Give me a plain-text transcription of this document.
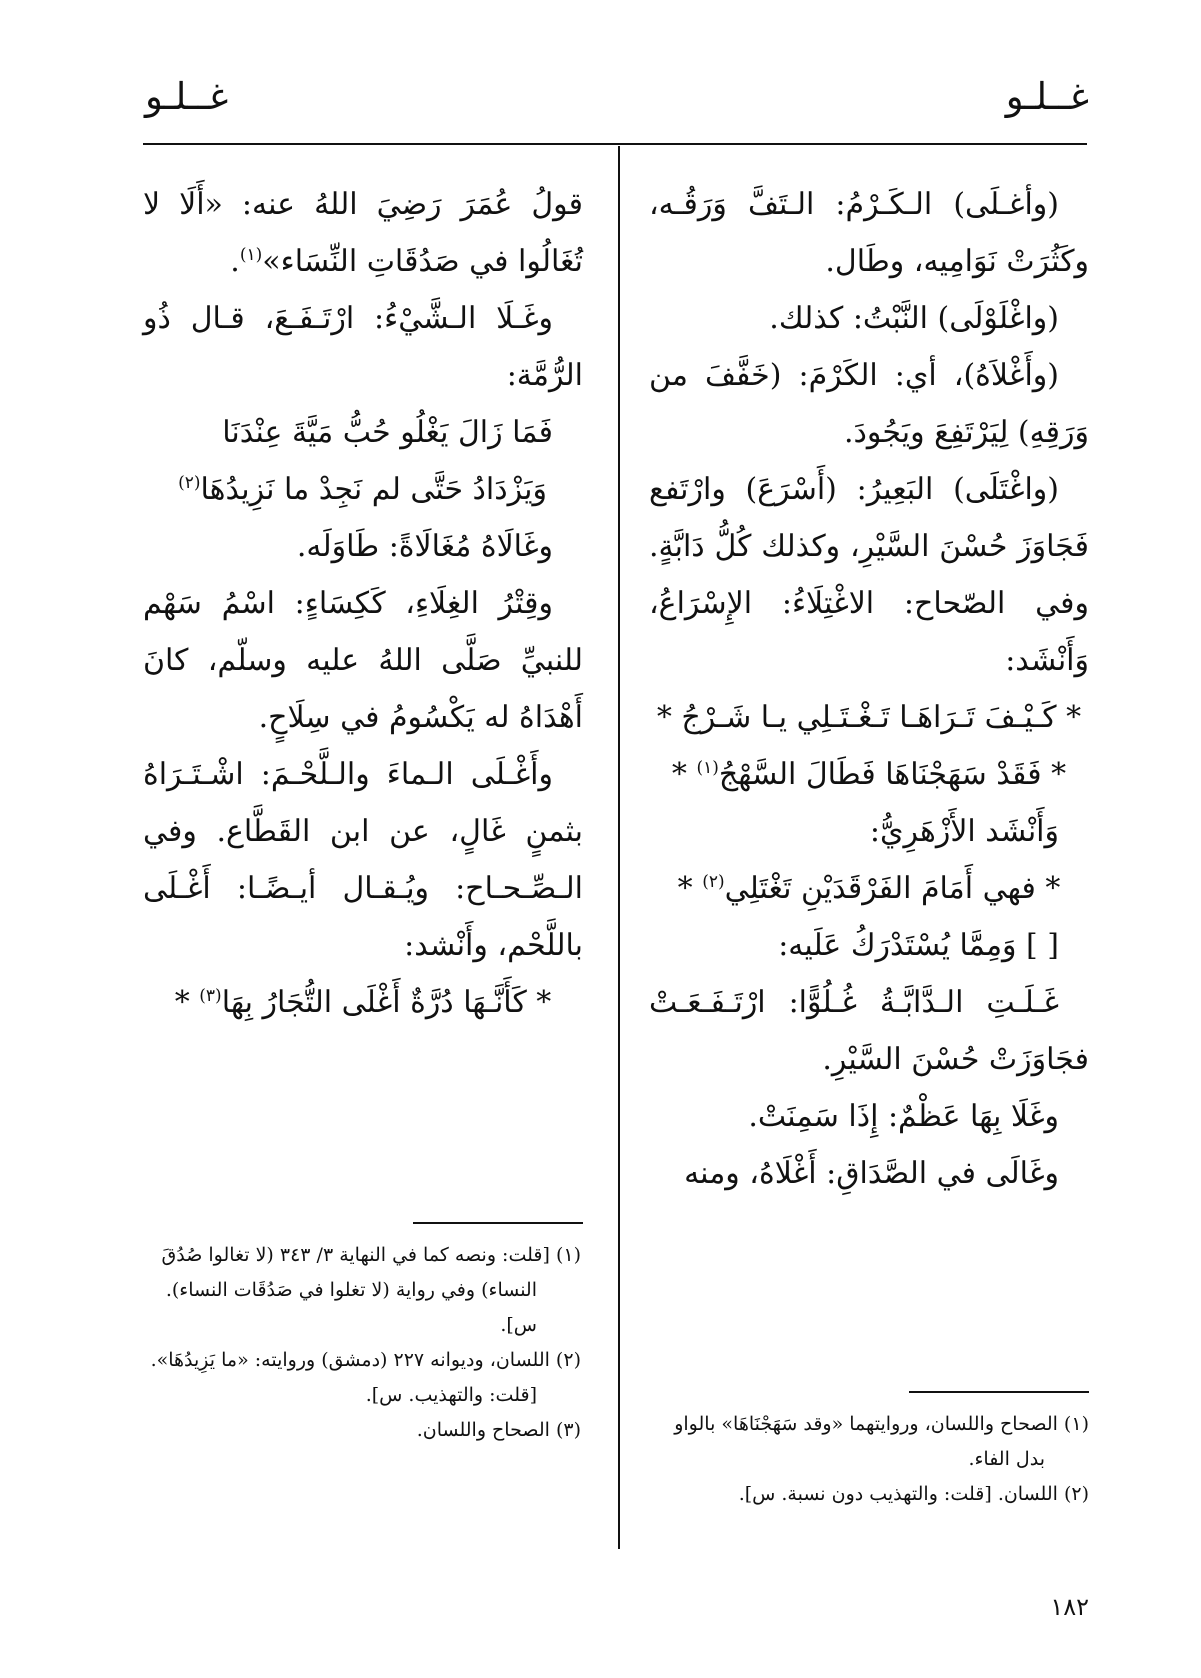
غــلـو
غــلـو

(وأغـلَى) الـكَـرْمُ: الـتَفَّ وَرَقُـه، وكَثُرَتْ نَوَامِيه، وطَال.

(واغْلَوْلَى) النَّبْتُ: كذلك.

(وأَغْلاَهُ)، أي: الكَرْمَ: (خَفَّفَ من وَرَقِهِ) لِيَرْتَفِعَ ويَجُودَ.

(واغْتَلَى) البَعِيرُ: (أَسْرَعَ) وارْتَفع فَجَاوَزَ حُسْنَ السَّيْرِ، وكذلك كُلُّ دَابَّةٍ. وفي الصّحاح: الاغْتِلَاءُ: الإِسْرَاعُ، وَأَنْشَد:

* كَـيْـفَ تَـرَاهَـا تَـغْـتَـلِي يـا شَـرْجُ *

* فَقَدْ سَهَجْنَاهَا فَطَالَ السَّهْجُ$^{(١)}$ *

وَأَنْشَد الأَزْهَرِيُّ:

* فهي أَمَامَ الفَرْقَدَيْنِ تَغْتَلِي$^{(٢)}$ *

[ ] وَمِمَّا يُسْتَدْرَكُ عَلَيه:

غَـلَـتِ الـدَّابَّـةُ غُـلُوًّا: ارْتَـفَـعَـتْ فجَاوَزَتْ حُسْنَ السَّيْرِ.

وغَلَا بِهَا عَظْمٌ: إِذَا سَمِنَتْ.

وغَالَى في الصَّدَاقِ: أَغْلَاهُ، ومنه

قولُ عُمَرَ رَضِيَ اللهُ عنه: «أَلَا لا تُغَالُوا في صَدُقَاتِ النِّسَاء»$^{(١)}$.

وغَـلَا الـشَّيْءُ: ارْتَـفَـعَ، قـال ذُو الرُّمَّة:

فَمَا زَالَ يَغْلُو حُبُّ مَيَّةَ عِنْدَنَا

وَيَزْدَادُ حَتَّى لم نَجِدْ ما نَزِيدُهَا$^{(٢)}$

وغَالَاهُ مُغَالَاةً: طَاوَلَه.

وقِتْرُ الغِلَاءِ، كَكِسَاءٍ: اسْمُ سَهْم للنبيِّ صَلَّى اللهُ عليه وسلّم، كانَ أَهْدَاهُ له يَكْسُومُ في سِلَاحٍ.

وأَغْـلَى الـماءَ والـلَّحْـمَ: اشْـتَـرَاهُ بثمنٍ غَالٍ، عن ابن القَطَّاع. وفي الـصِّـحـاح: ويُـقـال أيـضًـا: أَغْـلَى باللَّحْم، وأَنْشد:

* كَأَنَّـهَا دُرَّةٌ أَغْلَى التُّجَارُ بِهَا$^{(٣)}$ *

(١) الصحاح واللسان، وروايتهما «وقد سَهَجْنَاهَا» بالواو بدل الفاء.

(٢) اللسان. [قلت: والتهذيب دون نسبة. س].

(١) [قلت: ونصه كما في النهاية ٣/ ٣٤٣ (لا تغالوا صُدُقَ النساء) وفي رواية (لا تغلوا في صَدُقَات النساء). س].

(٢) اللسان، وديوانه ٢٢٧ (دمشق) وروايته: «ما يَزِيدُهَا».

[قلت: والتهذيب. س].

(٣) الصحاح واللسان.

١٨٢
